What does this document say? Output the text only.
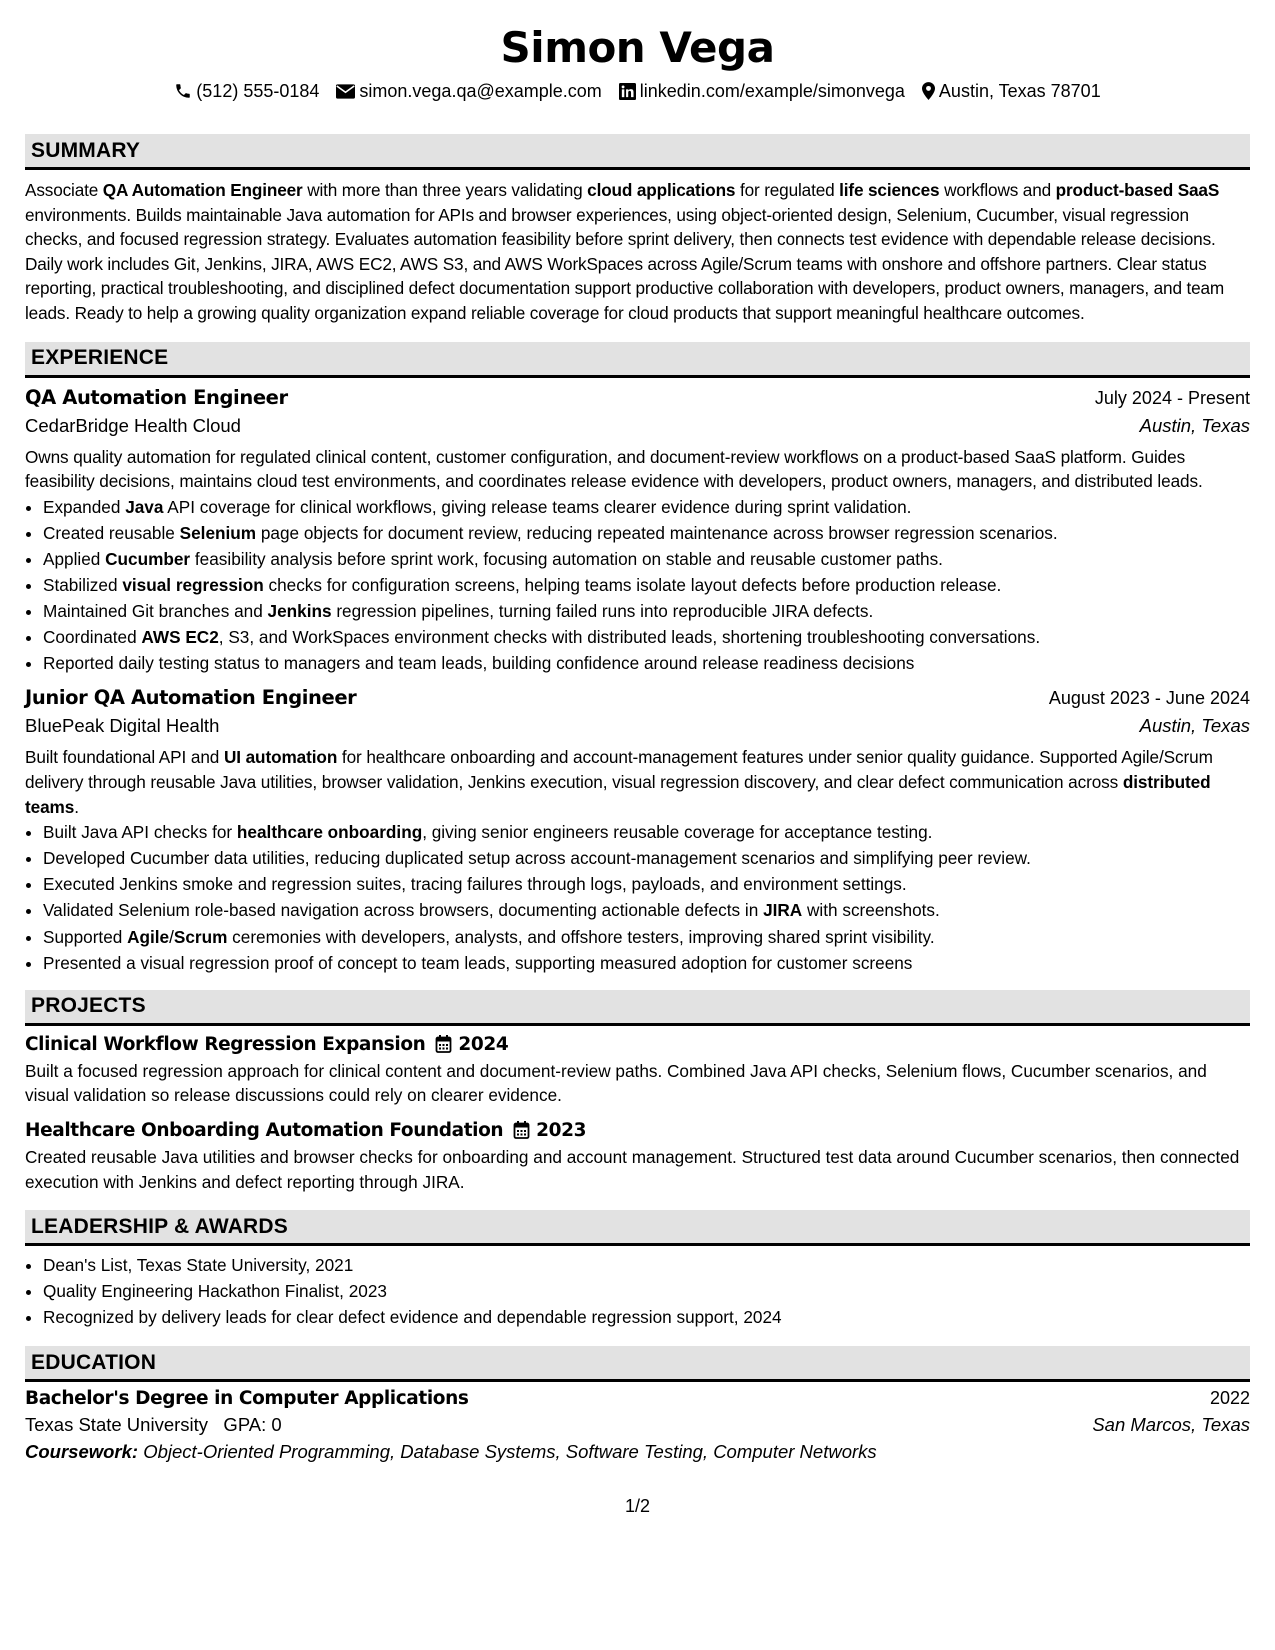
Simon Vega
(512) 555-0184 simon.vega.qa@example.com linkedin.com/example/simonvega Austin, Texas 78701
SUMMARY

Associate QA Automation Engineer with more than three years validating cloud applications for regulated life sciences workflows and product-based SaaS environments. Builds maintainable Java automation for APIs and browser experiences, using object-oriented design, Selenium, Cucumber, visual regression checks, and focused regression strategy. Evaluates automation feasibility before sprint delivery, then connects test evidence with dependable release decisions. Daily work includes Git, Jenkins, JIRA, AWS EC2, AWS S3, and AWS WorkSpaces across Agile/Scrum teams with onshore and offshore partners. Clear status reporting, practical troubleshooting, and disciplined defect documentation support productive collaboration with developers, product owners, managers, and team leads. Ready to help a growing quality organization expand reliable coverage for cloud products that support meaningful healthcare outcomes.

EXPERIENCE
QA Automation Engineer	July 2024 - Present
CedarBridge Health Cloud	Austin, Texas

Owns quality automation for regulated clinical content, customer configuration, and document-review workflows on a product-based SaaS platform. Guides feasibility decisions, maintains cloud test environments, and coordinates release evidence with developers, product owners, managers, and distributed leads.

• Expanded Java API coverage for clinical workflows, giving release teams clearer evidence during sprint validation.
• Created reusable Selenium page objects for document review, reducing repeated maintenance across browser regression scenarios.
• Applied Cucumber feasibility analysis before sprint work, focusing automation on stable and reusable customer paths.
• Stabilized visual regression checks for configuration screens, helping teams isolate layout defects before production release.
• Maintained Git branches and Jenkins regression pipelines, turning failed runs into reproducible JIRA defects.
• Coordinated AWS EC2, S3, and WorkSpaces environment checks with distributed leads, shortening troubleshooting conversations.
• Reported daily testing status to managers and team leads, building confidence around release readiness decisions
Junior QA Automation Engineer	August 2023 - June 2024
BluePeak Digital Health	Austin, Texas

Built foundational API and UI automation for healthcare onboarding and account-management features under senior quality guidance. Supported Agile/Scrum delivery through reusable Java utilities, browser validation, Jenkins execution, visual regression discovery, and clear defect communication across distributed teams.

• Built Java API checks for healthcare onboarding, giving senior engineers reusable coverage for acceptance testing.
• Developed Cucumber data utilities, reducing duplicated setup across account-management scenarios and simplifying peer review.
• Executed Jenkins smoke and regression suites, tracing failures through logs, payloads, and environment settings.
• Validated Selenium role-based navigation across browsers, documenting actionable defects in JIRA with screenshots.
• Supported Agile/Scrum ceremonies with developers, analysts, and offshore testers, improving shared sprint visibility.
• Presented a visual regression proof of concept to team leads, supporting measured adoption for customer screens
PROJECTS
Clinical Workflow Regression Expansion 2024

Built a focused regression approach for clinical content and document-review paths. Combined Java API checks, Selenium flows, Cucumber scenarios, and visual validation so release discussions could rely on clearer evidence.

Healthcare Onboarding Automation Foundation 2023

Created reusable Java utilities and browser checks for onboarding and account management. Structured test data around Cucumber scenarios, then connected execution with Jenkins and defect reporting through JIRA.

LEADERSHIP & AWARDS
• Dean's List, Texas State University, 2021
• Quality Engineering Hackathon Finalist, 2023
• Recognized by delivery leads for clear defect evidence and dependable regression support, 2024
EDUCATION
Bachelor's Degree in Computer Applications	2022
Texas State University   GPA: 0	San Marcos, Texas
Coursework: Object-Oriented Programming, Database Systems, Software Testing, Computer Networks
1/2
